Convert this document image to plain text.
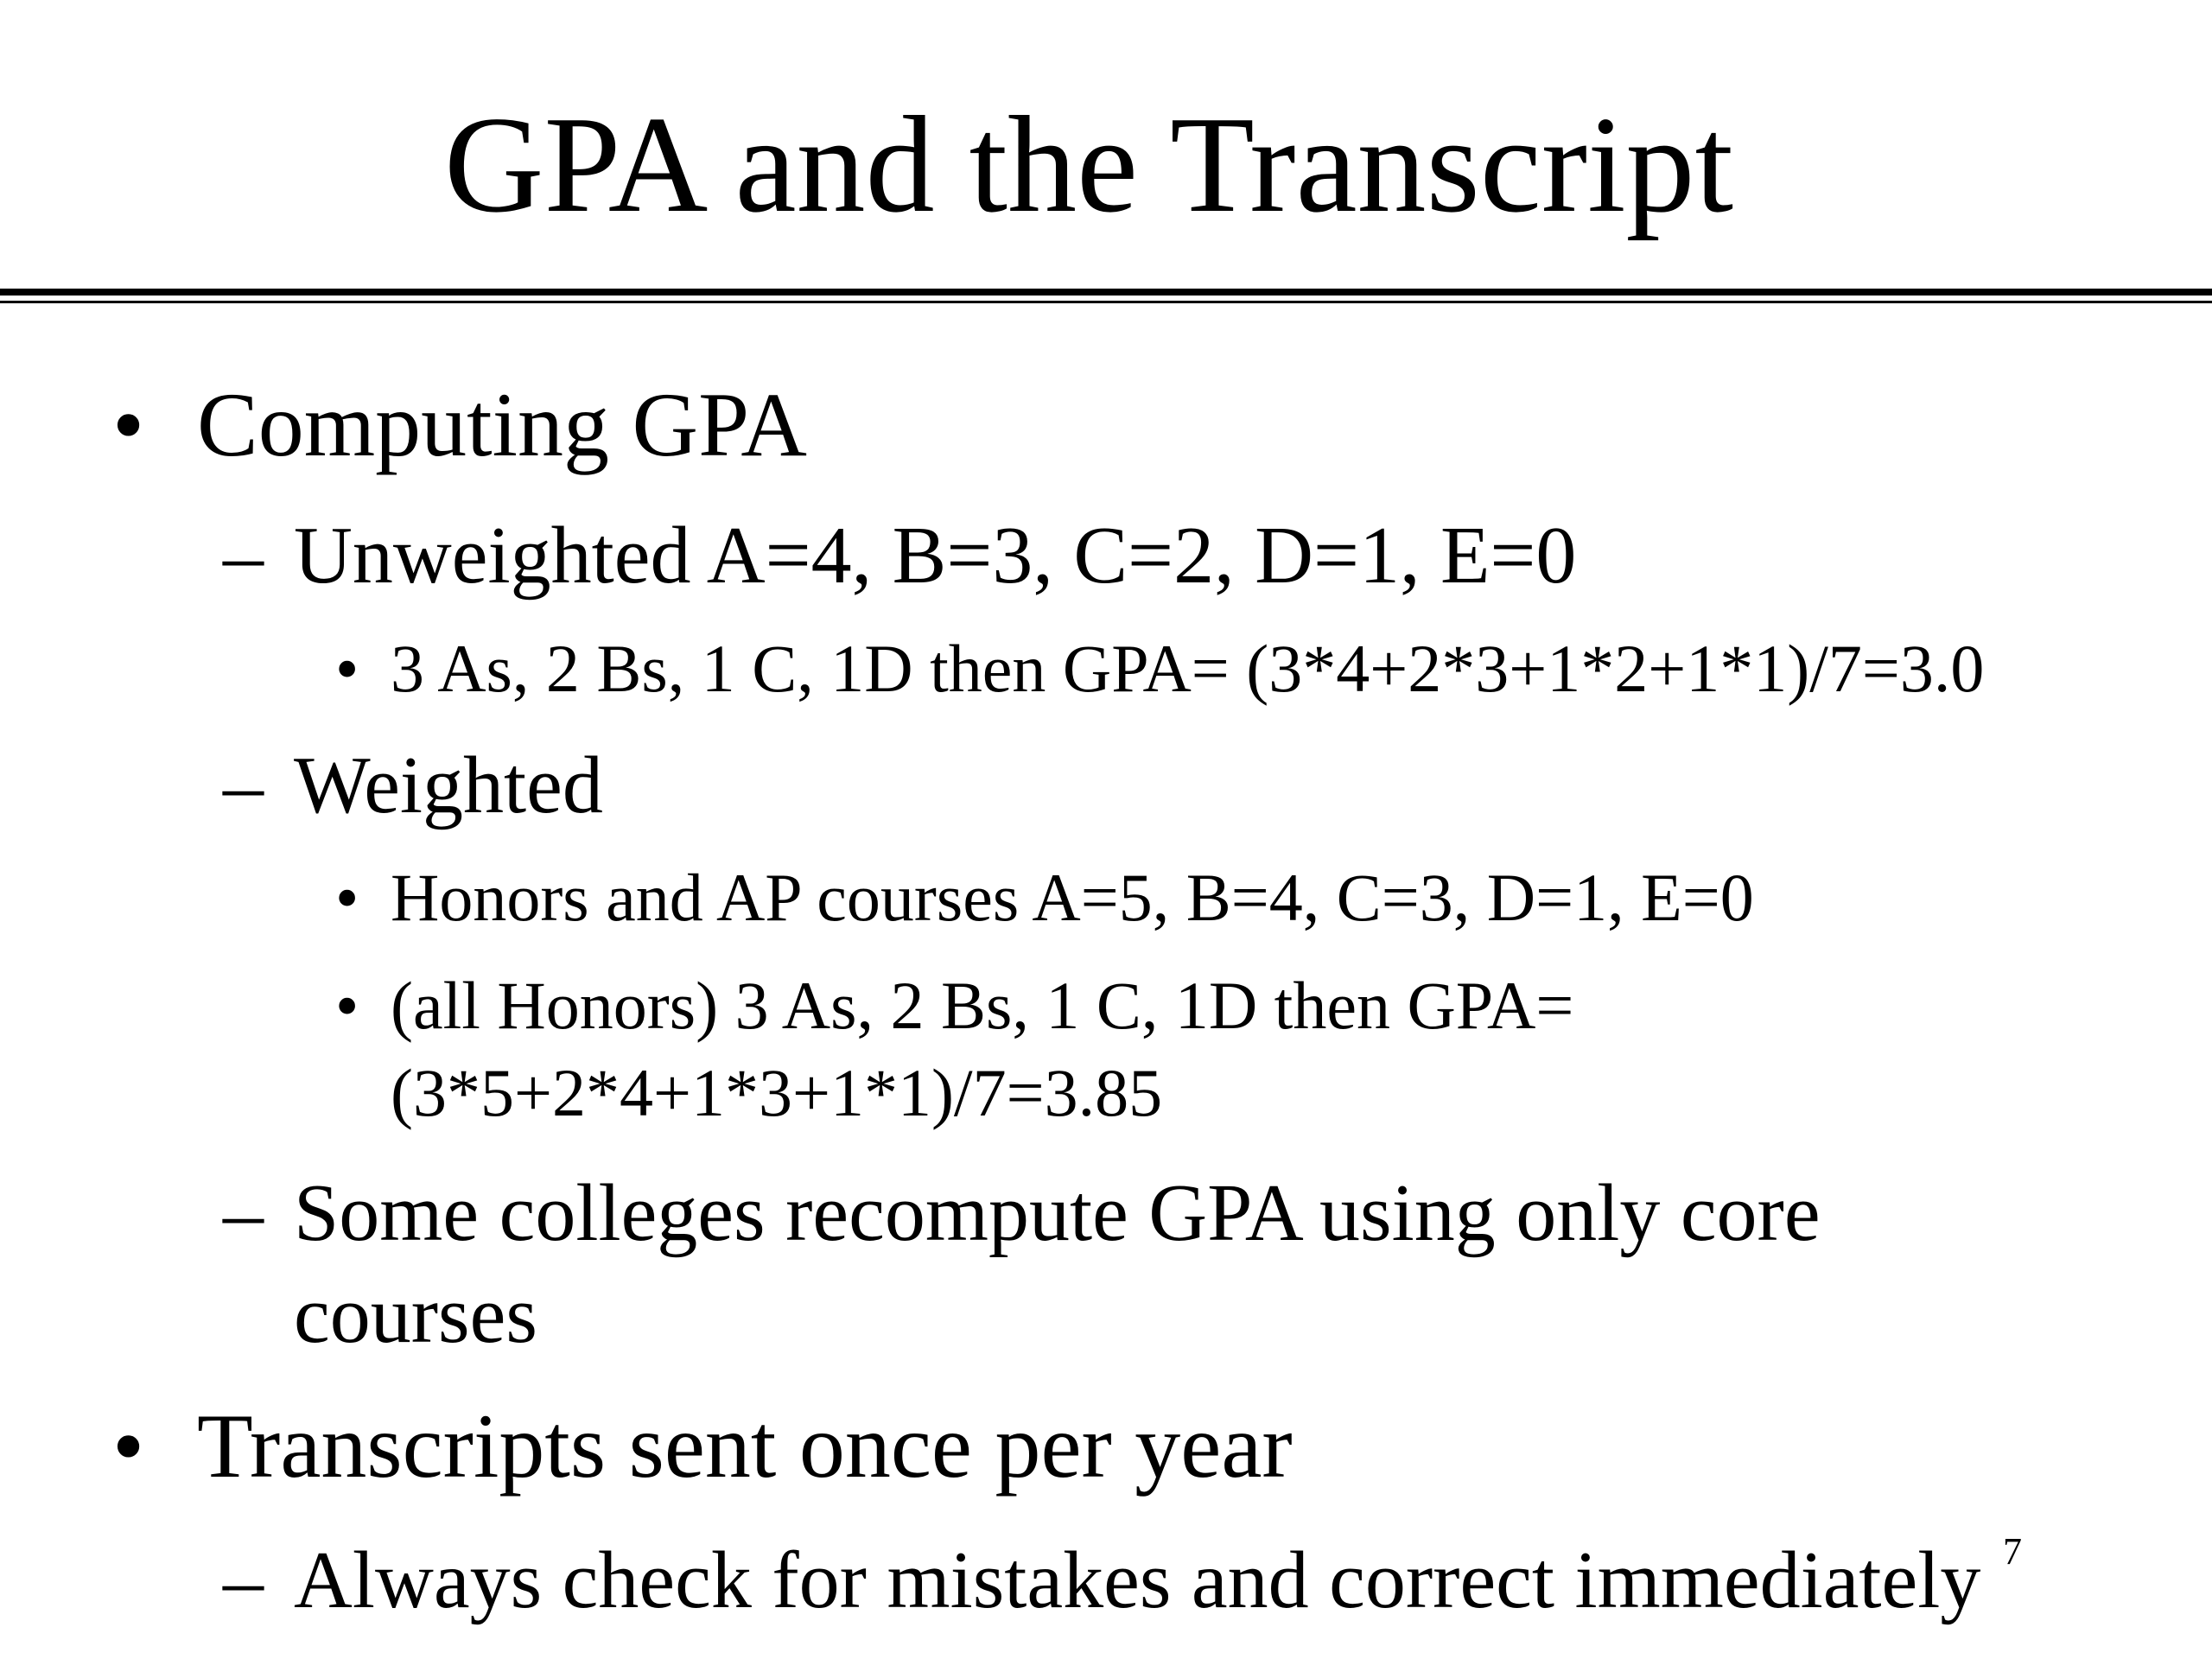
GPA and the Transcript
• Computing GPA
– Unweighted A=4, B=3, C=2, D=1, E=0
• 3 As, 2 Bs, 1 C, 1D then GPA= (3*4+2*3+1*2+1*1)/7=3.0
– Weighted
• Honors and AP courses A=5, B=4, C=3, D=1, E=0
• (all Honors) 3 As, 2 Bs, 1 C, 1D then GPA=
(3*5+2*4+1*3+1*1)/7=3.85
– Some colleges recompute GPA using only core
courses
• Transcripts sent once per year
– Always check for mistakes and correct immediately 7
